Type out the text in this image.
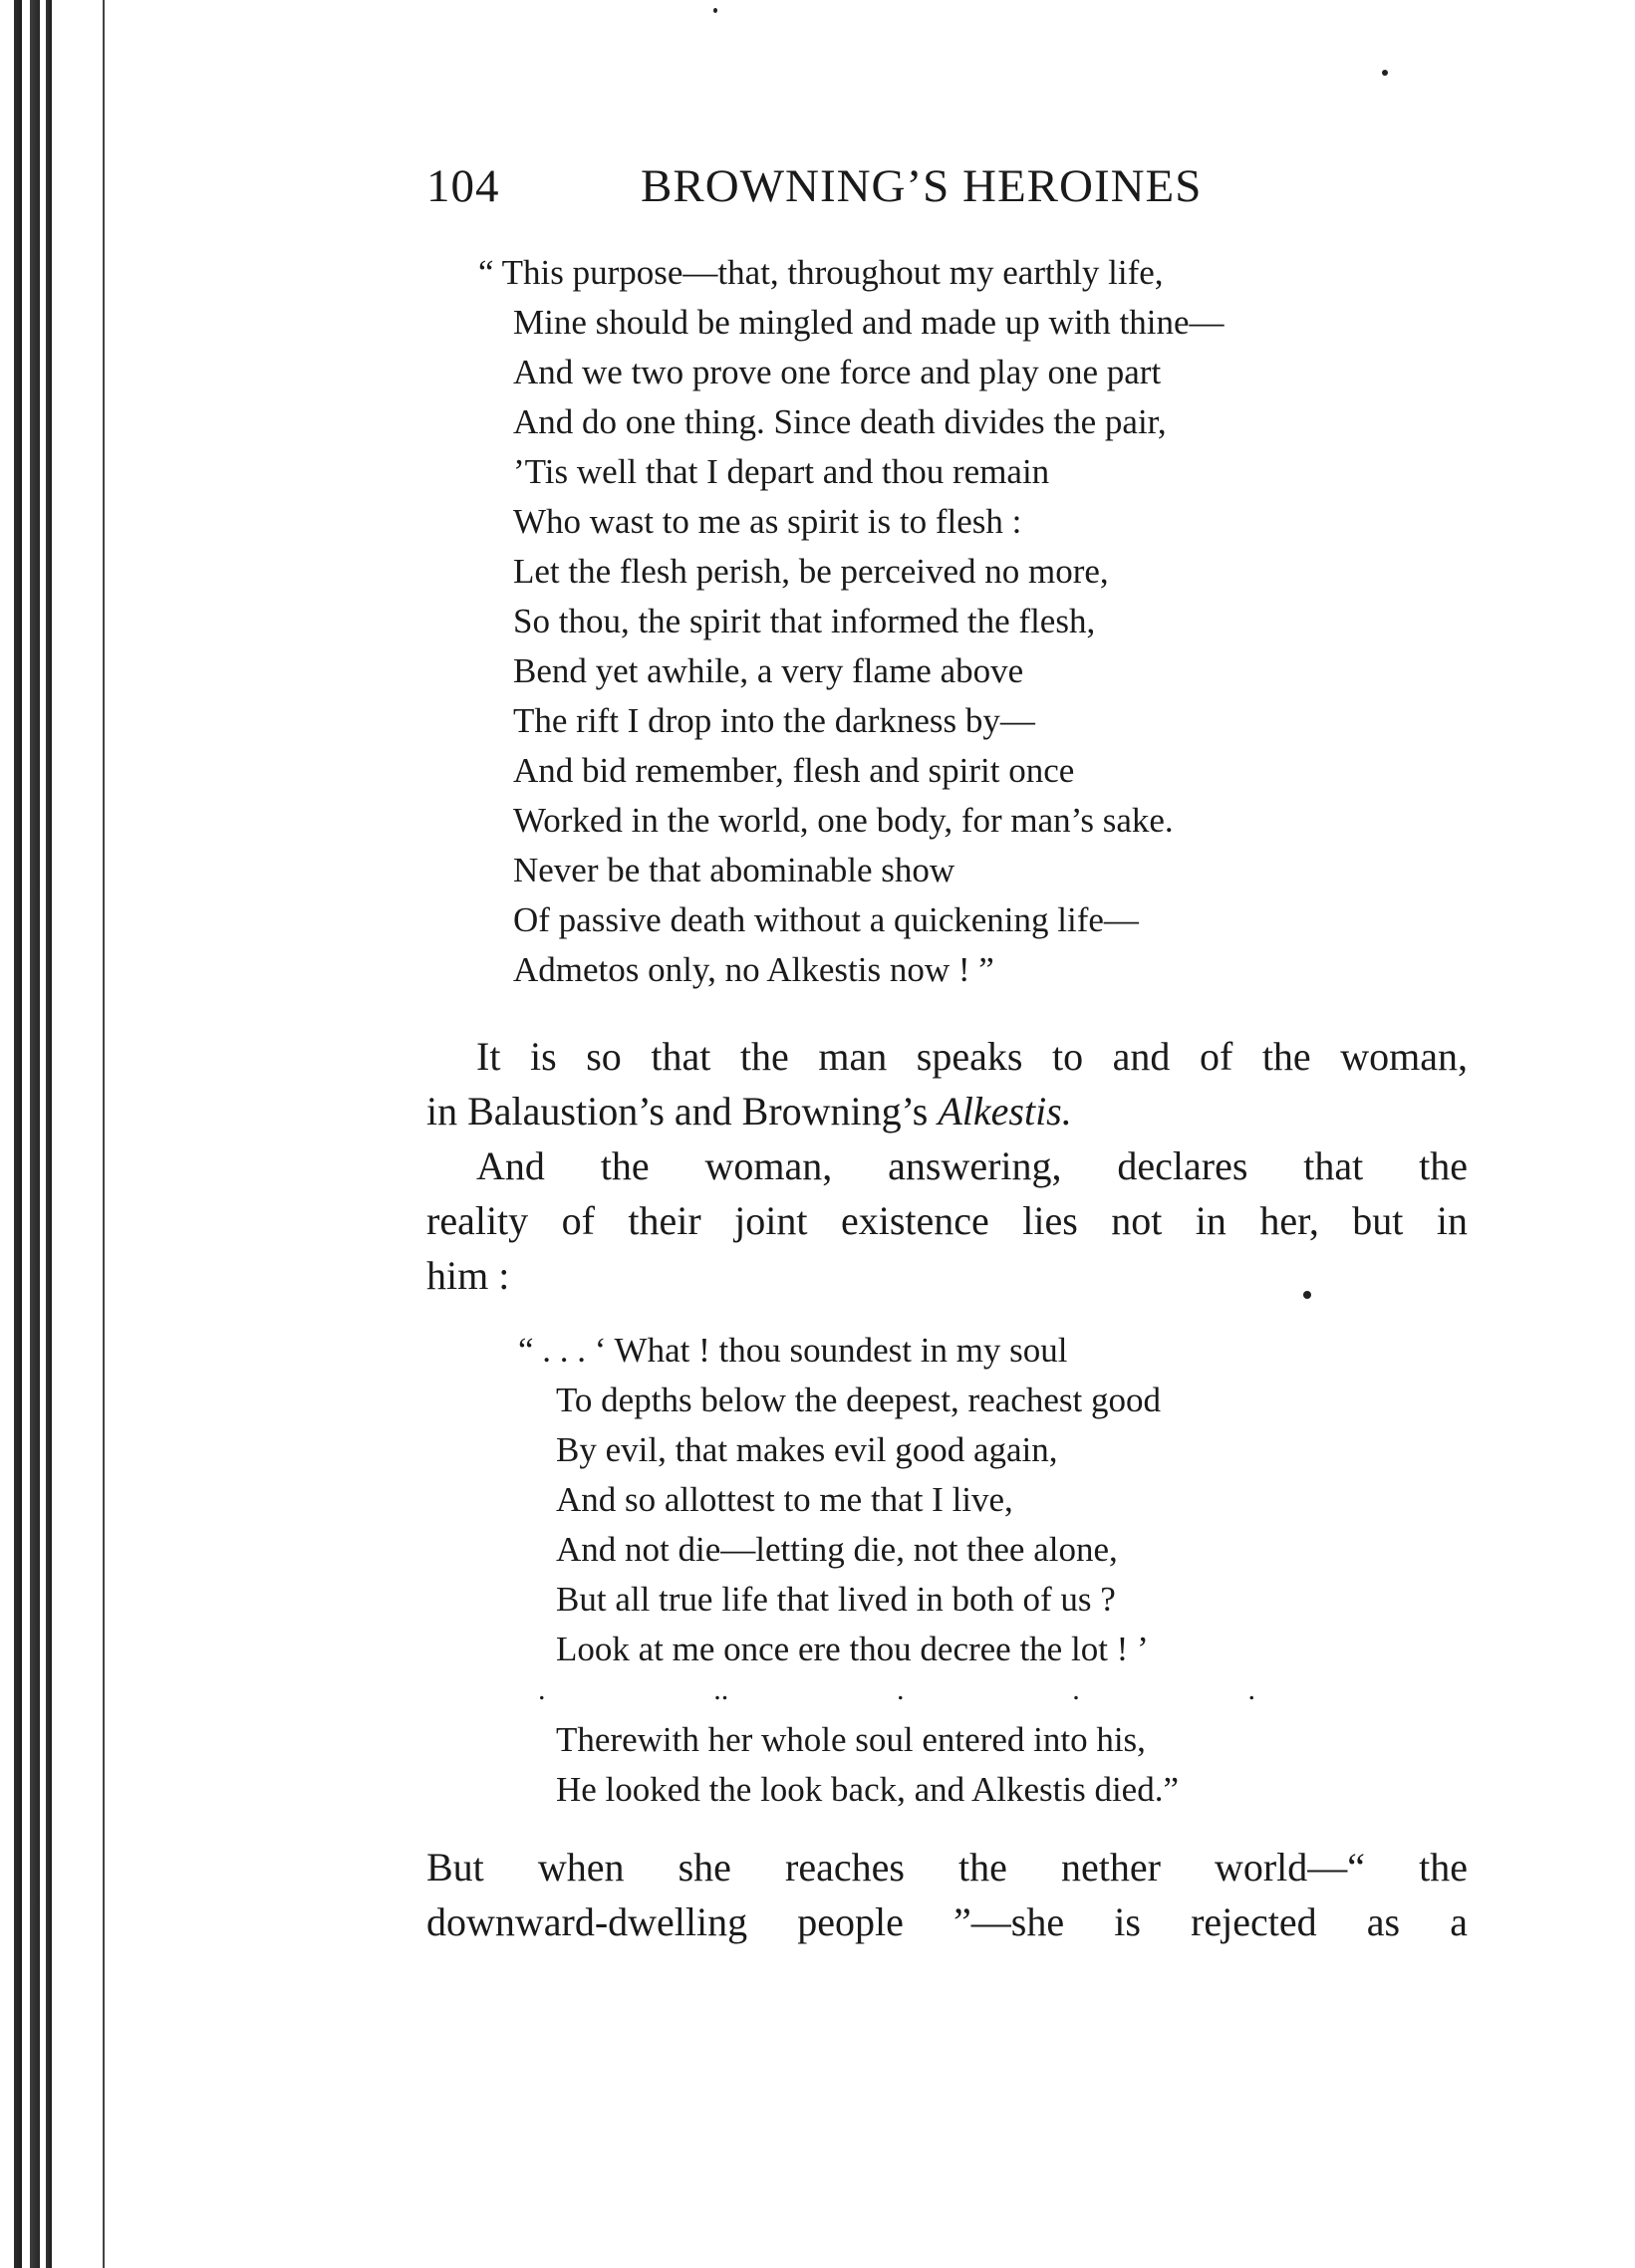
104	BROWNING’S HEROINES
“ This purpose—that, throughout my earthly life,
Mine should be mingled and made up with thine—
And we two prove one force and play one part
And do one thing. Since death divides the pair,
’Tis well that I depart and thou remain
Who wast to me as spirit is to flesh :
Let the flesh perish, be perceived no more,
So thou, the spirit that informed the flesh,
Bend yet awhile, a very flame above
The rift I drop into the darkness by—
And bid remember, flesh and spirit once
Worked in the world, one body, for man’s sake.
Never be that abominable show
Of passive death without a quickening life—
Admetos only, no Alkestis now ! ”
It is so that the man speaks to and of the woman,
in Balaustion’s and Browning’s Alkestis.
And the woman, answering, declares that the
reality of their joint existence lies not in her, but in
him :
“ . . . ‘ What ! thou soundest in my soul
To depths below the deepest, reachest good
By evil, that makes evil good again,
And so allottest to me that I live,
And not die—letting die, not thee alone,
But all true life that lived in both of us ?
Look at me once ere thou decree the lot ! ’
.	..	.	.	.
Therewith her whole soul entered into his,
He looked the look back, and Alkestis died.”
But when she reaches the nether world—“ the
downward-dwelling people ”—she is rejected as a
